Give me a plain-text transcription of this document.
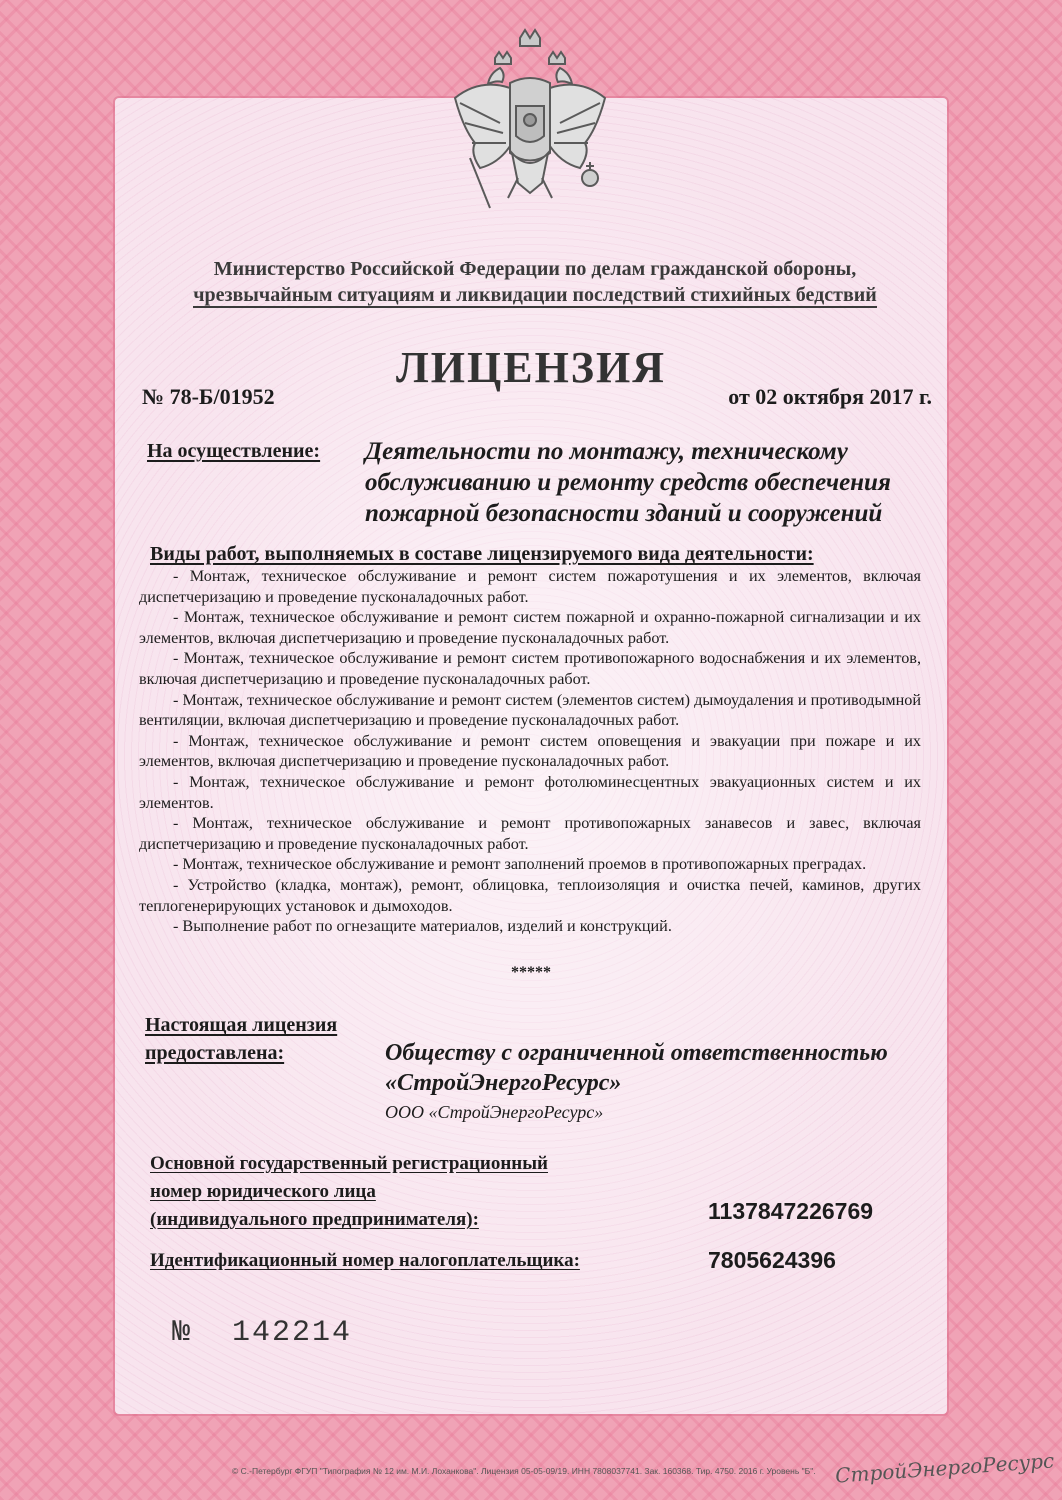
Министерство Российской Федерации по делам гражданской обороны,
чрезвычайным ситуациям и ликвидации последствий стихийных бедствий
ЛИЦЕНЗИЯ
№ 78-Б/01952	от 02 октября 2017 г.
На осуществление: Деятельности по монтажу, техническому
обслуживанию и ремонту средств обеспечения
пожарной безопасности зданий и сооружений
Виды работ, выполняемых в составе лицензируемого вида деятельности:

- Монтаж, техническое обслуживание и ремонт систем пожаротушения и их элементов, включая диспетчеризацию и проведение пусконаладочных работ.

- Монтаж, техническое обслуживание и ремонт систем пожарной и охранно-пожарной сигнализации и их элементов, включая диспетчеризацию и проведение пусконаладочных работ.

- Монтаж, техническое обслуживание и ремонт систем противопожарного водоснабжения и их элементов, включая диспетчеризацию и проведение пусконаладочных работ.

- Монтаж, техническое обслуживание и ремонт систем (элементов систем) дымоудаления и противодымной вентиляции, включая диспетчеризацию и проведение пусконаладочных работ.

- Монтаж, техническое обслуживание и ремонт систем оповещения и эвакуации при пожаре и их элементов, включая диспетчеризацию и проведение пусконаладочных работ.

- Монтаж, техническое обслуживание и ремонт фотолюминесцентных эвакуационных систем и их элементов.

- Монтаж, техническое обслуживание и ремонт противопожарных занавесов и завес, включая диспетчеризацию и проведение пусконаладочных работ.

- Монтаж, техническое обслуживание и ремонт заполнений проемов в противопожарных преградах.

- Устройство (кладка, монтаж), ремонт, облицовка, теплоизоляция и очистка печей, каминов, других теплогенерирующих установок и дымоходов.

- Выполнение работ по огнезащите материалов, изделий и конструкций.

*****
Настоящая лицензия
предоставлена:	Обществу с ограниченной ответственностью
«СтройЭнергоРесурс»
ООО «СтройЭнергоРесурс»
Основной государственный регистрационный
номер юридического лица
(индивидуального предпринимателя):	1137847226769
Идентификационный номер налогоплательщика:	7805624396
№ 142214
© С.-Петербург ФГУП "Типография № 12 им. М.И. Лоханкова". Лицензия 05-05-09/19. ИНН 7808037741. Зак. 160368. Тир. 4750. 2016 г. Уровень "Б". СтройЭнергоРесурс
